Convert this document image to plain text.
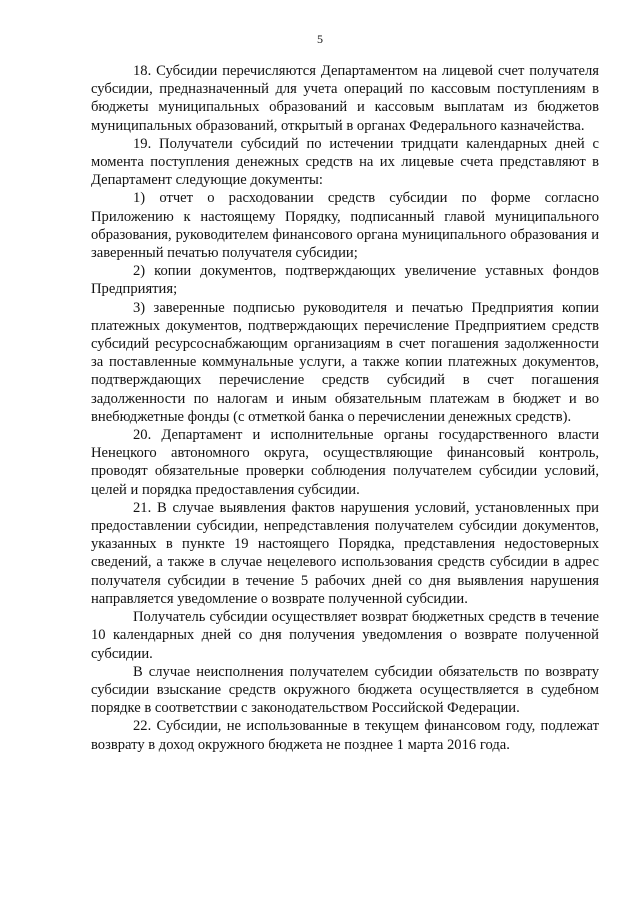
5

18. Субсидии перечисляются Департаментом на лицевой счет получателя субсидии, предназначенный для учета операций по кассовым поступлениям в бюджеты муниципальных образований и кассовым выплатам из бюджетов муниципальных образований, открытый в органах Федерального казначейства.

19. Получатели субсидий по истечении тридцати календарных дней с момента поступления денежных средств на их лицевые счета представляют в Департамент следующие документы:

1) отчет о расходовании средств субсидии по форме согласно Приложению к настоящему Порядку, подписанный главой муниципального образования, руководителем финансового органа муниципального образования и заверенный печатью получателя субсидии;

2) копии документов, подтверждающих увеличение уставных фондов Предприятия;

3) заверенные подписью руководителя и печатью Предприятия копии платежных документов, подтверждающих перечисление Предприятием средств субсидий ресурсоснабжающим организациям в счет погашения задолженности за поставленные коммунальные услуги, а также копии платежных документов, подтверждающих перечисление средств субсидий в счет погашения задолженности по налогам и иным обязательным платежам в бюджет и во внебюджетные фонды (с отметкой банка о перечислении денежных средств).

20. Департамент и исполнительные органы государственного власти Ненецкого автономного округа, осуществляющие финансовый контроль, проводят обязательные проверки соблюдения получателем субсидии условий, целей и порядка предоставления субсидии.

21. В случае выявления фактов нарушения условий, установленных при предоставлении субсидии, непредставления получателем субсидии документов, указанных в пункте 19 настоящего Порядка, представления недостоверных сведений, а также в случае нецелевого использования средств субсидии в адрес получателя субсидии в течение 5 рабочих дней со дня выявления нарушения направляется уведомление о возврате полученной субсидии.

Получатель субсидии осуществляет возврат бюджетных средств в течение 10 календарных дней со дня получения уведомления о возврате полученной субсидии.

В случае неисполнения получателем субсидии обязательств по возврату субсидии взыскание средств окружного бюджета осуществляется в судебном порядке в соответствии с законодательством Российской Федерации.

22. Субсидии, не использованные в текущем финансовом году, подлежат возврату в доход окружного бюджета не позднее 1 марта 2016 года.
